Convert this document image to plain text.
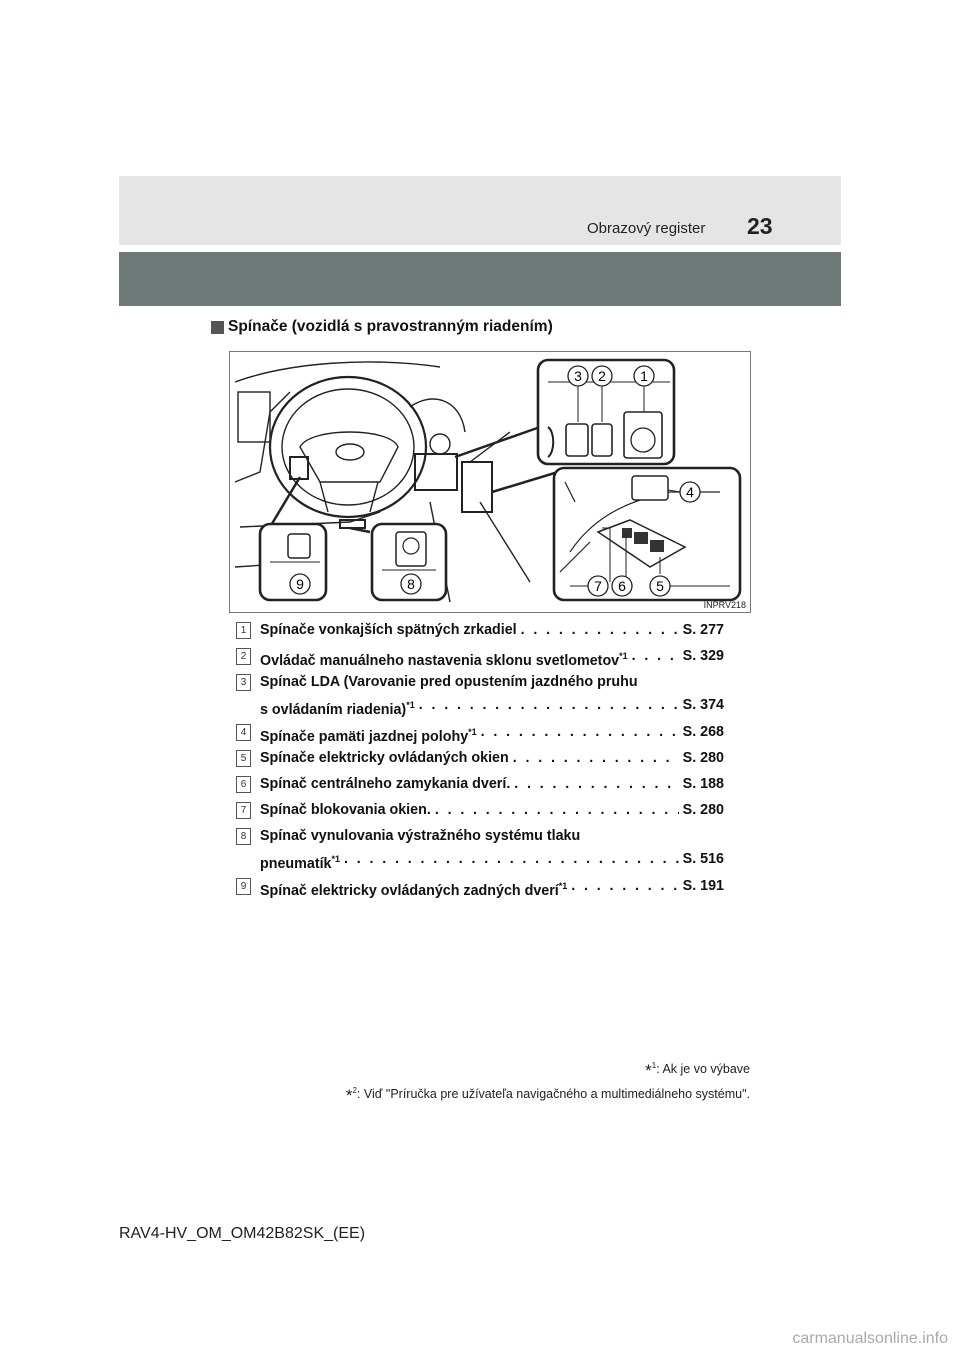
Obrazový register 23
Spínače (vozidlá s pravostranným riadením)
3 2 1
4
7 6 5
9	8
INPRV218
1 Spínače vonkajších spätných zrkadiel . . .	S. 277
2 Ovládač manuálneho nastavenia sklonu svetlometov$^{*1}$ . . .	S. 329
3 Spínač LDA (Varovanie pred opustením jazdného pruhu
s ovládaním riadenia)$^{*1}$ . . .	S. 374
4 Spínače pamäti jazdnej polohy$^{*1}$ . . .	S. 268
5 Spínače elektricky ovládaných okien . . .	S. 280
6 Spínač centrálneho zamykania dverí. . . .	S. 188
7 Spínač blokovania okien. . . .	S. 280
8 Spínač vynulovania výstražného systému tlaku
pneumatík$^{*1}$ . . .	S. 516
9 Spínač elektricky ovládaných zadných dverí$^{*1}$ . . .	S. 191
*$^1$: Ak je vo výbave
*$^2$: Viď "Príručka pre užívateľa navigačného a multimediálneho systému".
RAV4-HV_OM_OM42B82SK_(EE)
carmanualsonline.info
